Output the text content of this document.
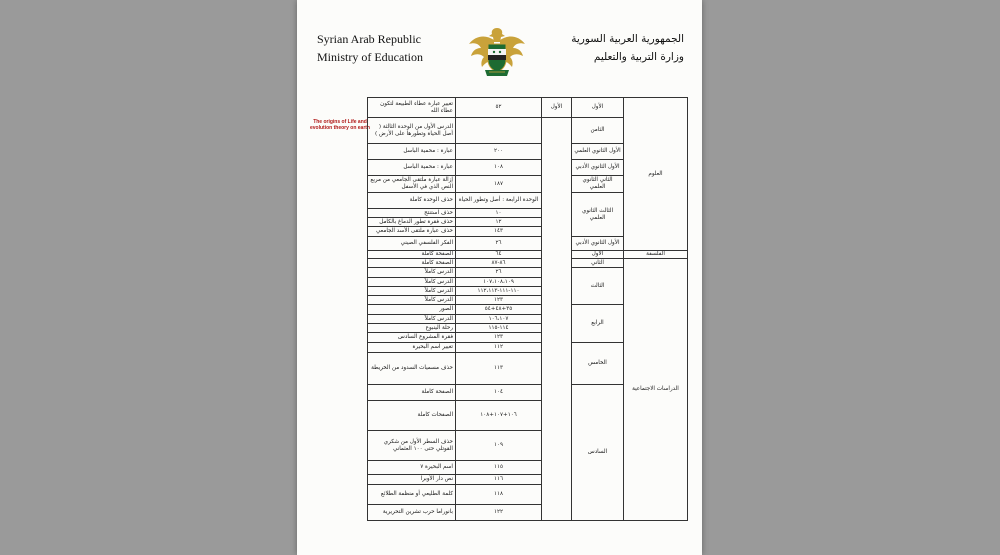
Syrian Arab Republic
Ministry of Education
الجمهورية العربية السورية
وزارة التربية والتعليم
The origins of Life and evolution theory on earth
تغيير عبارة عطاء الطبيعة لتكون عطاء الله	٥٢	الأول	الأول	العلوم
الدرس الأول من الوحدة الثالثة ( أصل الحياة وتطورها على الأرض )			الثامن	
عبارة : محمية الباسل	٢٠٠		الأول الثانوي العلمي	
عبارة : محمية الباسل	١٠٨		الأول الثانوي الأدبي	
إزالة عبارة ملتقى الجامعي من مربع النص الذي في الأسفل	١٨٧		الثاني الثانوي العلمي	
حذف الوحدة كاملة	الوحدة الرابعة : أصل وتطور الحياة		الثالث الثانوي العلمي	
حذف استنتج	١٠			
حذف فقرة تطور الدماغ بالكامل	١٢			
حذف عبارة ملتقى الأسد الجامعي	١٤٣			
الفكر الفلسفي الصيني	٢٦		الأول الثانوي الأدبي	
الصفحة كاملة	٦٤		الأول	الفلسفة
الصفحة كاملة	٨٦-٨٧		الثاني	الدراسات الاجتماعية
الدرس كاملاً	٢٦		الثالث	
الدرس كاملاً	١٠٧،١٠٨،١٠٩			
الدرس كاملاً	١١٠-١١١-١١٢،١١٣			
الدرس كاملاً	١٢٣			
الصور	٣٥+٤٨+٥٤		الرابع	
الدرس كاملاً	١٠٦،١٠٧			
رحلة الينبوع	١١٤-١١٥			
فقرة المشروع السادس	١٢٣			
تغيير اسم البحيرة	١١٢		الخامس	
حذف مسميات السدود من الخريطة	١١٣			
الصفحة كاملة	١٠٤		السادس	
الصفحات كاملة	١٠٦+١٠٧+١٠٨			
حذف السطر الأول من شكري القوتلي حتى ١٠٠ العثماني	١٠٩			
اسم البحيرة ٧	١١٥			
نص دار الأوبرا	١١٦			
كلمة الطليعي أو منظمة الطلائع	١١٨			
بانوراما حرب تشرين التحريرية	١٢٢			
